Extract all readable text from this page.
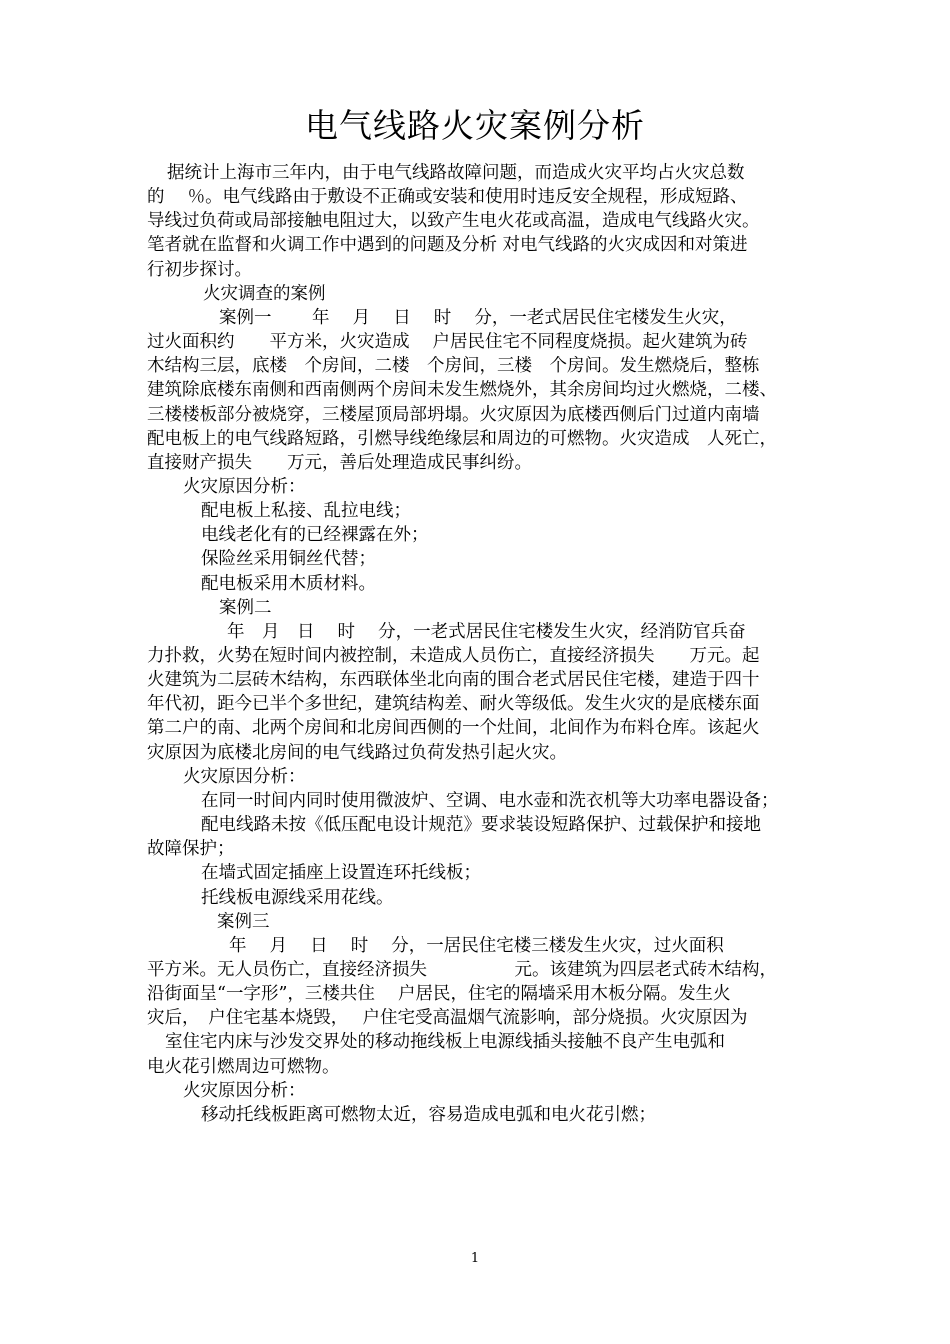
电气线路火灾案例分析

据统计上海市三年内，由于电气线路故障问题，而造成火灾平均占火灾总数

的　 ％。电气线路由于敷设不正确或安装和使用时违反安全规程，形成短路、

导线过负荷或局部接触电阻过大，以致产生电火花或高温，造成电气线路火灾。

笔者就在监督和火调工作中遇到的问题及分析 对电气线路的火灾成因和对策进

行初步探讨。

火灾调查的案例

案例一　　 年　 月　 日　 时　 分，一老式居民住宅楼发生火灾，

过火面积约　　平方米，火灾造成　 户居民住宅不同程度烧损。起火建筑为砖

木结构三层，底楼　个房间，二楼　个房间，三楼　个房间。发生燃烧后，整栋

建筑除底楼东南侧和西南侧两个房间未发生燃烧外，其余房间均过火燃烧，二楼、

三楼楼板部分被烧穿，三楼屋顶局部坍塌。火灾原因为底楼西侧后门过道内南墙

配电板上的电气线路短路，引燃导线绝缘层和周边的可燃物。火灾造成　人死亡，

直接财产损失　　万元，善后处理造成民事纠纷。

火灾原因分析：

配电板上私接、乱拉电线；

电线老化有的已经裸露在外；

保险丝采用铜丝代替；

配电板采用木质材料。

案例二

年　月　日　 时　 分，一老式居民住宅楼发生火灾，经消防官兵奋

力扑救，火势在短时间内被控制，未造成人员伤亡，直接经济损失　　万元。起

火建筑为二层砖木结构，东西联体坐北向南的围合老式居民住宅楼，建造于四十

年代初，距今已半个多世纪，建筑结构差、耐火等级低。发生火灾的是底楼东面

第二户的南、北两个房间和北房间西侧的一个灶间，北间作为布料仓库。该起火

灾原因为底楼北房间的电气线路过负荷发热引起火灾。

火灾原因分析：

在同一时间内同时使用微波炉、空调、电水壶和洗衣机等大功率电器设备；

配电线路未按《低压配电设计规范》要求装设短路保护、过载保护和接地

故障保护；

在墙式固定插座上设置连环托线板；

托线板电源线采用花线。

案例三

年　 月　 日　 时　 分，一居民住宅楼三楼发生火灾，过火面积

平方米。无人员伤亡，直接经济损失　　　　　元。该建筑为四层老式砖木结构，

沿街面呈“一字形”，三楼共住　 户居民，住宅的隔墙采用木板分隔。发生火

灾后，　户住宅基本烧毁，　 户住宅受高温烟气流影响，部分烧损。火灾原因为

室住宅内床与沙发交界处的移动拖线板上电源线插头接触不良产生电弧和

电火花引燃周边可燃物。

火灾原因分析：

移动托线板距离可燃物太近，容易造成电弧和电火花引燃；

1
